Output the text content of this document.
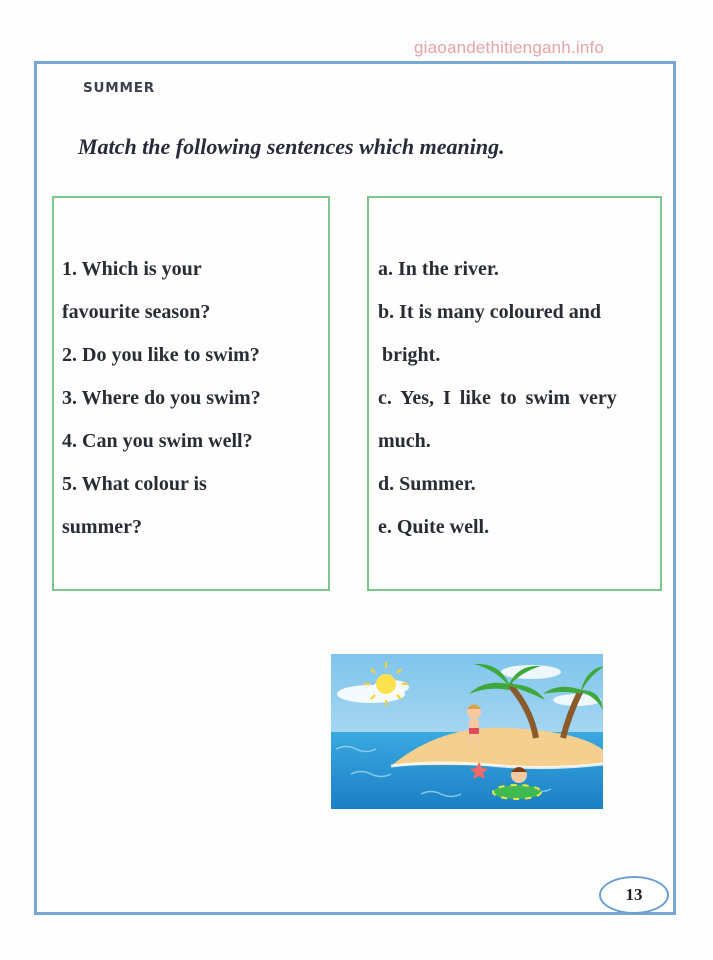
giaoandethitienganh.info
SUMMER
Match the following sentences which meaning.
1. Which is your
favourite season?
2. Do you like to swim?
3. Where do you swim?
4. Can you swim well?
5. What colour is
summer?
a. In the river.
b. It is many coloured and
bright.
c. Yes, I like to swim very
much.
d. Summer.
e. Quite well.
13
